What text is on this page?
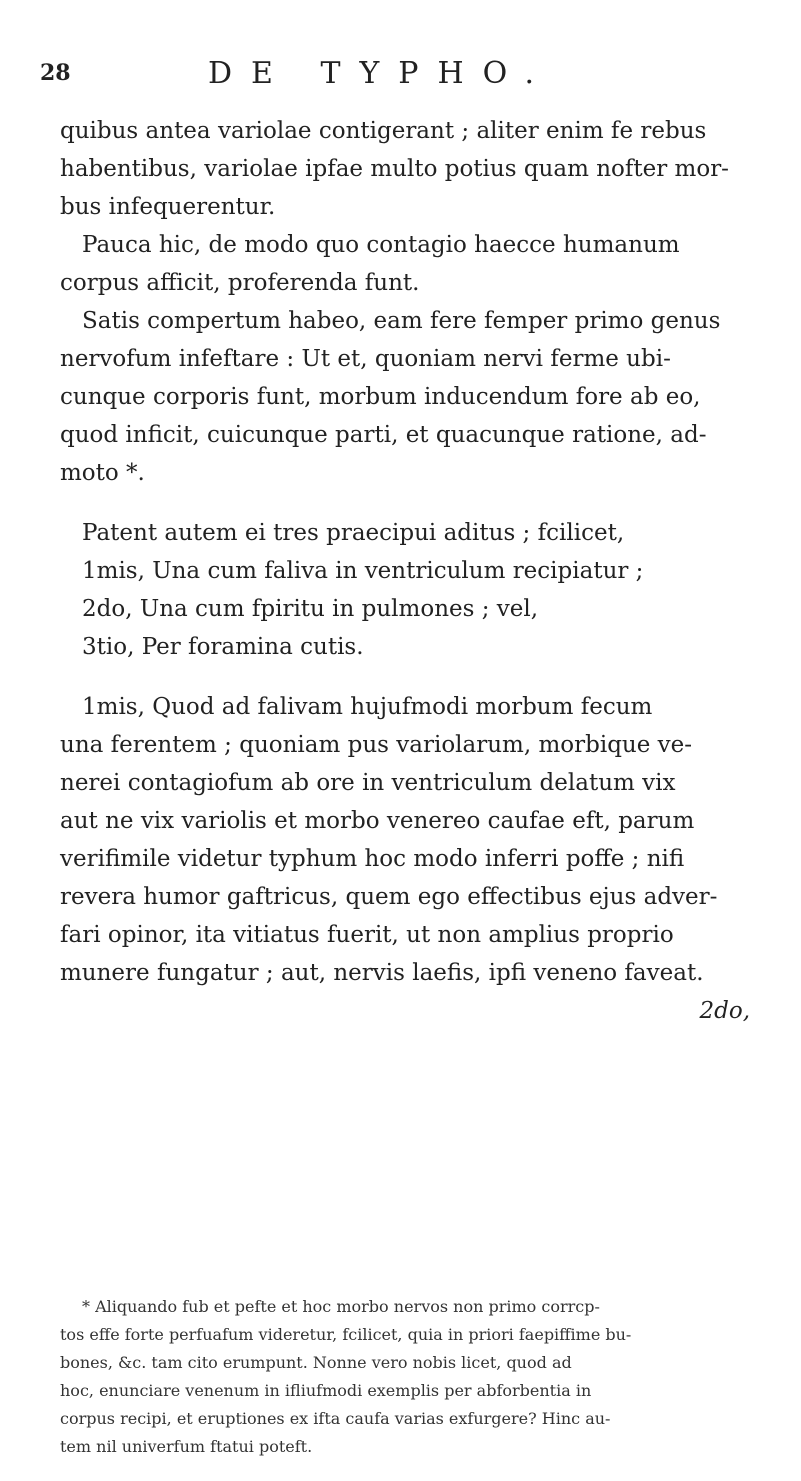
28	DE TYPHO.
quibus antea variolae contigerant ; aliter enim fe rebus
habentibus, variolae ipfae multo potius quam nofter mor-
bus infequerentur.
Pauca hic, de modo quo contagio haecce humanum
corpus afficit, proferenda funt.
Satis compertum habeo, eam fere femper primo genus
nervofum infeftare : Ut et, quoniam nervi ferme ubi-
cunque corporis funt, morbum inducendum fore ab eo,
quod inficit, cuicunque parti, et quacunque ratione, ad-
moto *.
Patent autem ei tres praecipui aditus ; fcilicet,
1mis, Una cum faliva in ventriculum recipiatur ;
2do, Una cum fpiritu in pulmones ; vel,
3tio, Per foramina cutis.
1mis, Quod ad falivam hujufmodi morbum fecum
una ferentem ; quoniam pus variolarum, morbique ve-
nerei contagiofum ab ore in ventriculum delatum vix
aut ne vix variolis et morbo venereo caufae eft, parum
verifimile videtur typhum hoc modo inferri poffe ; nifi
revera humor gaftricus, quem ego effectibus ejus adver-
fari opinor, ita vitiatus fuerit, ut non amplius proprio
munere fungatur ; aut, nervis laefis, ipfi veneno faveat.
2do,
* Aliquando fub et pefte et hoc morbo nervos non primo corrcp-
tos effe forte perfuafum videretur, fcilicet, quia in priori faepiffime bu-
bones, &c. tam cito erumpunt. Nonne vero nobis licet, quod ad
hoc, enunciare venenum in ifliufmodi exemplis per abforbentia in
corpus recipi, et eruptiones ex ifta caufa varias exfurgere? Hinc au-
tem nil univerfum ftatui poteft.
